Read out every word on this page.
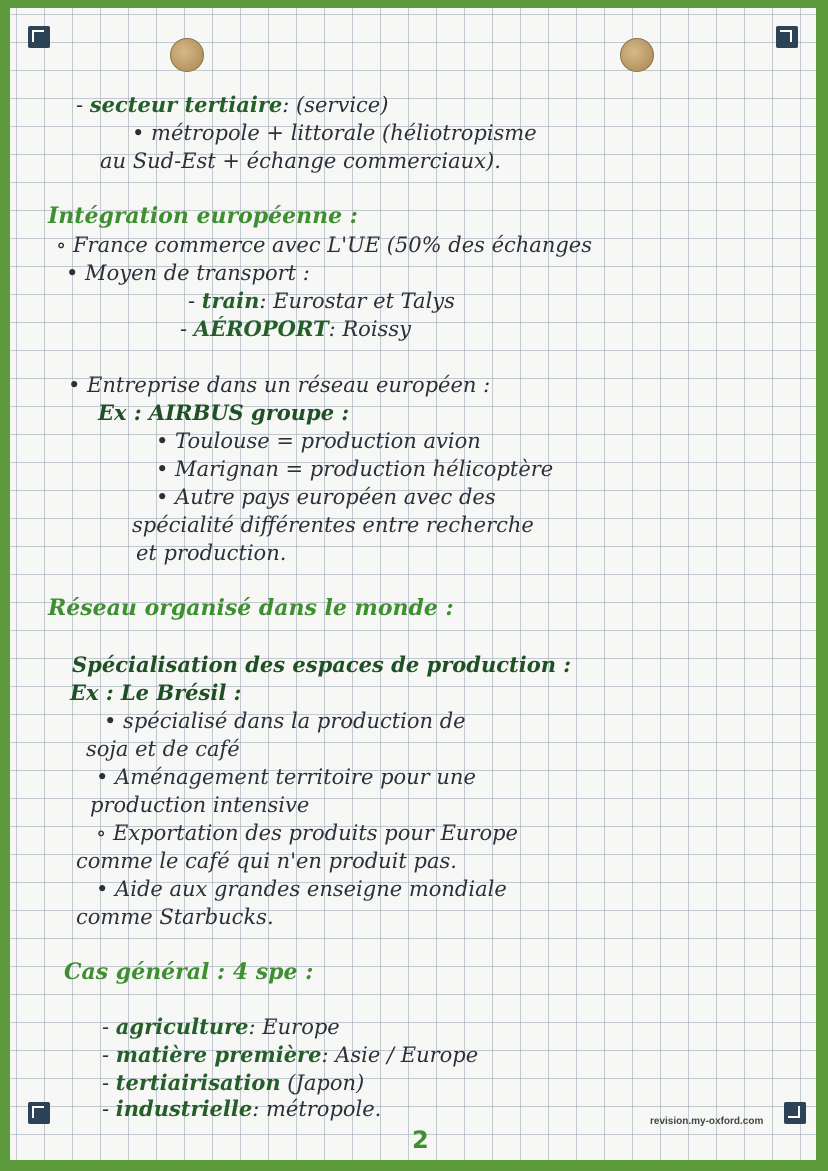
- secteur tertiaire: (service)
• métropole + littorale (héliotropisme
au Sud-Est + échange commerciaux).
Intégration européenne :
∘ France commerce avec L'UE (50% des échanges
• Moyen de transport :
- train: Eurostar et Talys
- AÉROPORT: Roissy
• Entreprise dans un réseau européen :
Ex : AIRBUS groupe :
• Toulouse = production avion
• Marignan = production hélicoptère
• Autre pays européen avec des
spécialité différentes entre recherche
et production.
Réseau organisé dans le monde :
Spécialisation des espaces de production :
Ex : Le Brésil :
• spécialisé dans la production de
soja et de café
• Aménagement territoire pour une
production intensive
∘ Exportation des produits pour Europe
comme le café qui n'en produit pas.
• Aide aux grandes enseigne mondiale
comme Starbucks.
Cas général : 4 spe :
- agriculture: Europe
- matière première: Asie / Europe
- tertiairisation (Japon)
- industrielle: métropole.
revision.my-oxford.com
2
